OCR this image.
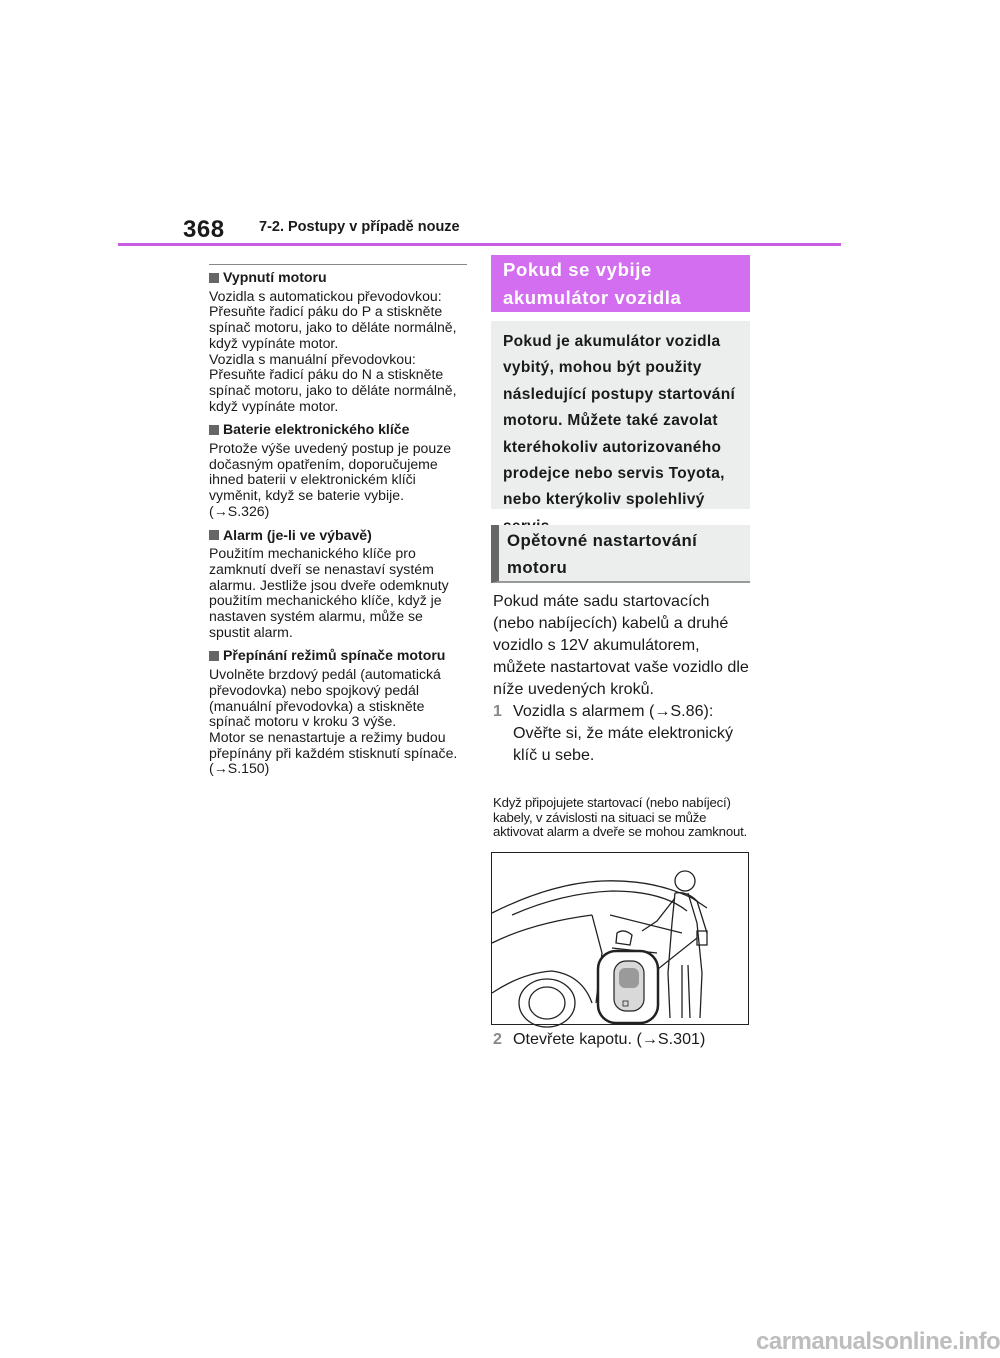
368 7-2. Postupy v případě nouze
Vypnutí motoru
Vozidla s automatickou převodovkou: Přesuňte řadicí páku do P a stiskněte spínač motoru, jako to děláte normálně, když vypínáte motor.
Vozidla s manuální převodovkou: Přesuňte řadicí páku do N a stiskněte spínač motoru, jako to děláte normálně, když vypínáte motor.
Baterie elektronického klíče
Protože výše uvedený postup je pouze dočasným opatřením, doporučujeme ihned baterii v elektronickém klíči vyměnit, když se baterie vybije. (→S.326)
Alarm (je-li ve výbavě)
Použitím mechanického klíče pro zamknutí dveří se nenastaví systém alarmu. Jestliže jsou dveře odemknuty použitím mechanického klíče, když je nastaven systém alarmu, může se spustit alarm.
Přepínání režimů spínače motoru
Uvolněte brzdový pedál (automatická převodovka) nebo spojkový pedál (manuální převodovka) a stiskněte spínač motoru v kroku 3 výše.
Motor se nenastartuje a režimy budou přepínány při každém stisknutí spínače. (→S.150)
Pokud se vybije akumulátor vozidla
Pokud je akumulátor vozidla vybitý, mohou být použity následující postupy startování motoru. Můžete také zavolat kteréhokoliv autorizovaného prodejce nebo servis Toyota, nebo kterýkoliv spolehlivý
Opětovné nastartování motoru
Pokud máte sadu startovacích (nebo nabíjecích) kabelů a druhé vozidlo s 12V akumulátorem, můžete nastartovat vaše vozidlo dle níže uvedených kroků.
1 Vozidla s alarmem (→S.86): Ověřte si, že máte elektronický klíč u sebe.
Když připojujete startovací (nebo nabíjecí) kabely, v závislosti na situaci se může aktivovat alarm a dveře se mohou zamknout.
2 Otevřete kapotu. (→S.301)
carmanualsonline.info
